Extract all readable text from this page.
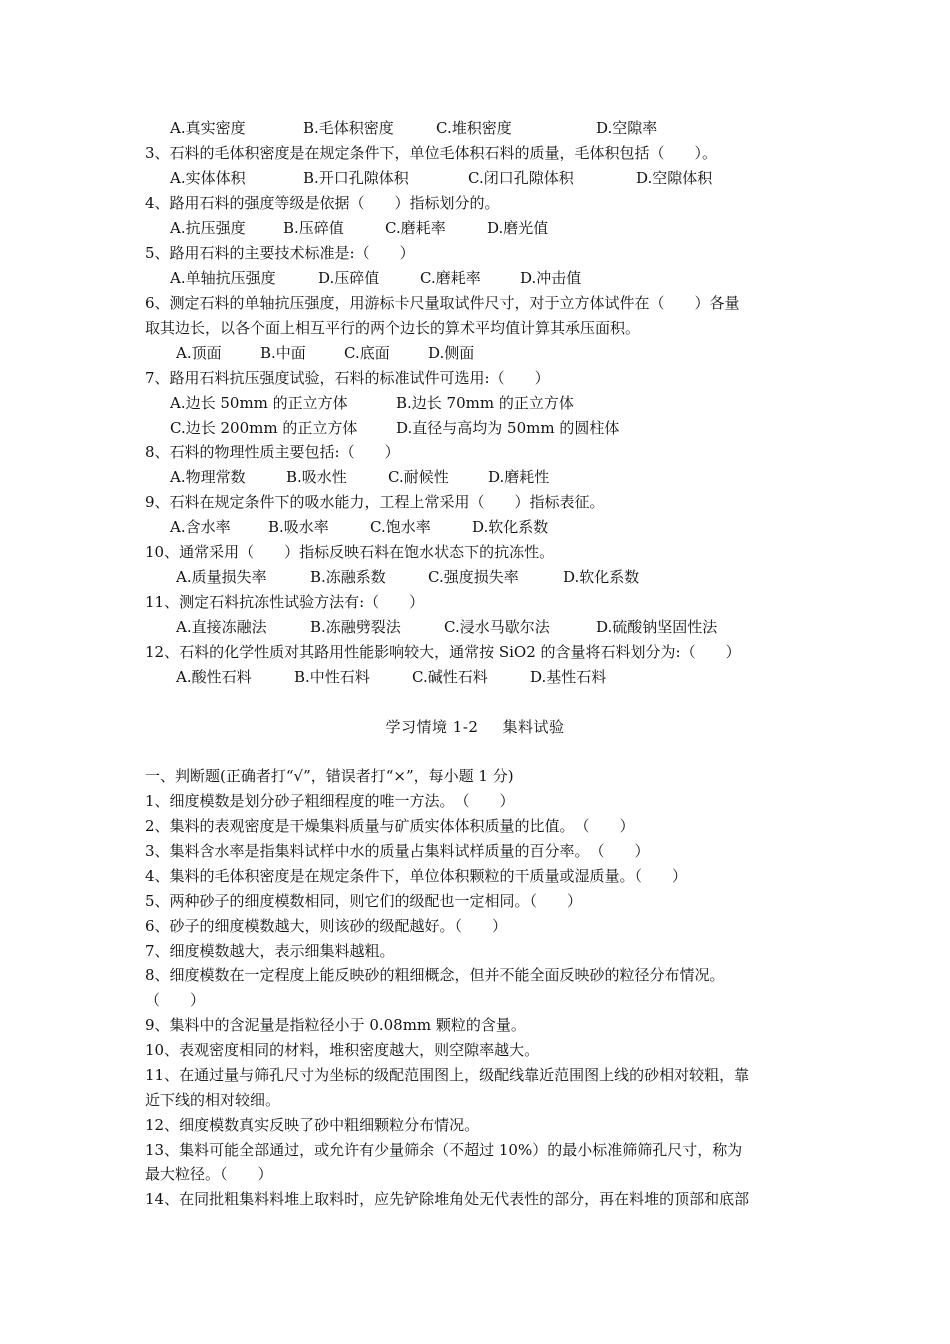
A.真实密度	B.毛体积密度	C.堆积密度	D.空隙率
3、石料的毛体积密度是在规定条件下，单位毛体积石料的质量，毛体积包括（　　）。
A.实体体积	B.开口孔隙体积	C.闭口孔隙体积	D.空隙体积
4、路用石料的强度等级是依据（　　）指标划分的。
A.抗压强度 B.压碎值	C.磨耗率	D.磨光值
5、路用石料的主要技术标准是:（　　）
A.单轴抗压强度	D.压碎值	C.磨耗率	D.冲击值
6、测定石料的单轴抗压强度，用游标卡尺量取试件尺寸，对于立方体试件在（　　）各量
取其边长，以各个面上相互平行的两个边长的算术平均值计算其承压面积。
A.顶面	B.中面	C.底面	D.侧面
7、路用石料抗压强度试验，石料的标准试件可选用:（　　）
A.边长 50mm 的正立方体	B.边长 70mm 的正立方体
C.边长 200mm 的正立方体	D.直径与高均为 50mm 的圆柱体
8、石料的物理性质主要包括:（　　）
A.物理常数	B.吸水性	C.耐候性	D.磨耗性
9、石料在规定条件下的吸水能力，工程上常采用（　　）指标表征。
A.含水率 B.吸水率	C.饱水率	D.软化系数
10、通常采用（　　）指标反映石料在饱水状态下的抗冻性。
A.质量损失率	B.冻融系数	C.强度损失率	D.软化系数
11、测定石料抗冻性试验方法有:（　　）
A.直接冻融法	B.冻融劈裂法	C.浸水马歇尔法	D.硫酸钠坚固性法
12、石料的化学性质对其路用性能影响较大，通常按 SiO2 的含量将石料划分为:（　　）
A.酸性石料	B.中性石料	C.碱性石料	D.基性石料
学习情境 1-2 集料试验
一、判断题(正确者打“√”，错误者打“×”，每小题 1 分)
1、细度模数是划分砂子粗细程度的唯一方法。　（　　）
2、集料的表观密度是干燥集料质量与矿质实体体积质量的比值。　（　　）
3、集料含水率是指集料试样中水的质量占集料试样质量的百分率。　（　　）
4、集料的毛体积密度是在规定条件下，单位体积颗粒的干质量或湿质量。（　　）
5、两种砂子的细度模数相同，则它们的级配也一定相同。（　　）
6、砂子的细度模数越大，则该砂的级配越好。（　　）
7、细度模数越大，表示细集料越粗。
8、细度模数在一定程度上能反映砂的粗细概念，但并不能全面反映砂的粒径分布情况。
（　　）
9、集料中的含泥量是指粒径小于 0.08mm 颗粒的含量。
10、表观密度相同的材料，堆积密度越大，则空隙率越大。
11、在通过量与筛孔尺寸为坐标的级配范围图上，级配线靠近范围图上线的砂相对较粗，靠
近下线的相对较细。
12、细度模数真实反映了砂中粗细颗粒分布情况。
13、集料可能全部通过，或允许有少量筛余（不超过 10%）的最小标准筛筛孔尺寸，称为
最大粒径。（　　）
14、在同批粗集料料堆上取料时，应先铲除堆角处无代表性的部分，再在料堆的顶部和底部
